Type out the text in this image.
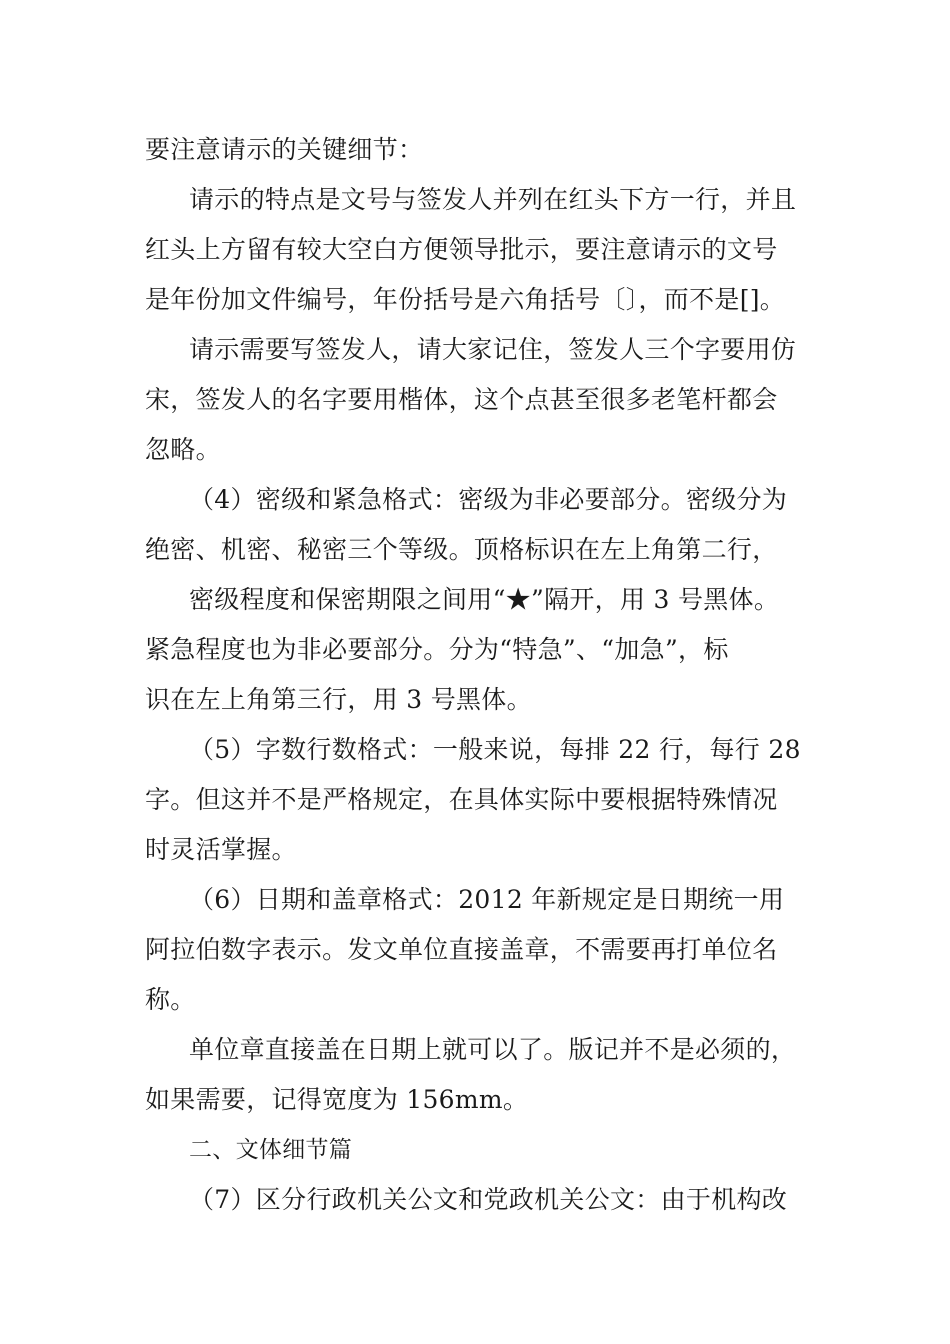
要注意请示的关键细节：
请示的特点是文号与签发人并列在红头下方一行，并且
红头上方留有较大空白方便领导批示，要注意请示的文号
是年份加文件编号，年份括号是六角括号〔〕，而不是[]。
请示需要写签发人，请大家记住，签发人三个字要用仿
宋，签发人的名字要用楷体，这个点甚至很多老笔杆都会
忽略。
（4）密级和紧急格式：密级为非必要部分。密级分为
绝密、机密、秘密三个等级。顶格标识在左上角第二行，
密级程度和保密期限之间用“★”隔开，用 3 号黑体。
紧急程度也为非必要部分。分为“特急”、“加急”，标
识在左上角第三行，用 3 号黑体。
（5）字数行数格式：一般来说，每排 22 行，每行 28
字。但这并不是严格规定，在具体实际中要根据特殊情况
时灵活掌握。
（6）日期和盖章格式：2012 年新规定是日期统一用
阿拉伯数字表示。发文单位直接盖章，不需要再打单位名
称。
单位章直接盖在日期上就可以了。版记并不是必须的，
如果需要，记得宽度为 156mm。
二、文体细节篇
（7）区分行政机关公文和党政机关公文：由于机构改
